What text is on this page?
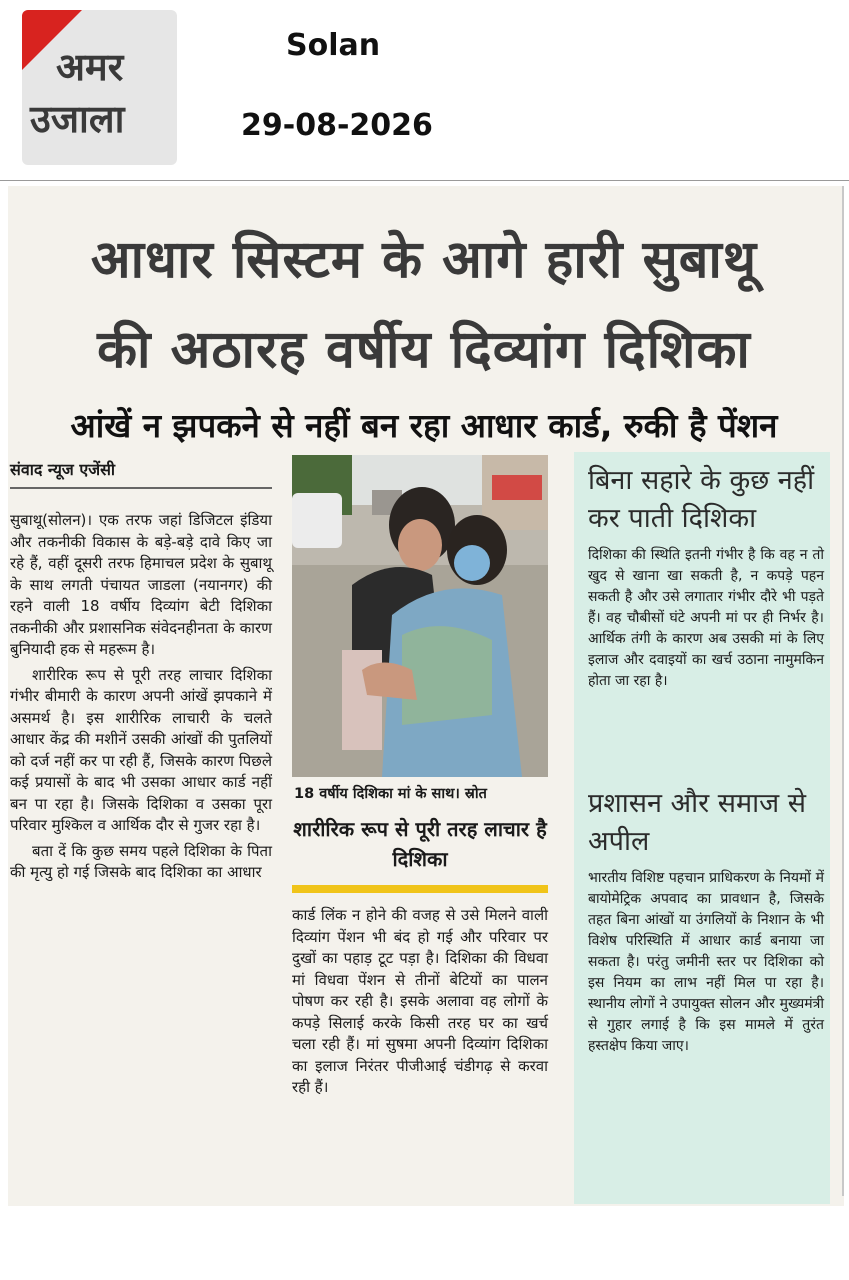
अमर
उजाला
Solan
29-08-2026
आधार सिस्टम के आगे हारी सुबाथू
की अठारह वर्षीय दिव्यांग दिशिका
आंखें न झपकने से नहीं बन रहा आधार कार्ड, रुकी है पेंशन
संवाद न्यूज एजेंसी

सुबाथू(सोलन)। एक तरफ जहां डिजिटल इंडिया और तकनीकी विकास के बड़े-बड़े दावे किए जा रहे हैं, वहीं दूसरी तरफ हिमाचल प्रदेश के सुबाथू के साथ लगती पंचायत जाडला (नयानगर) की रहने वाली 18 वर्षीय दिव्यांग बेटी दिशिका तकनीकी और प्रशासनिक संवेदनहीनता के कारण बुनियादी हक से महरूम है।

शारीरिक रूप से पूरी तरह लाचार दिशिका गंभीर बीमारी के कारण अपनी आंखें झपकाने में असमर्थ है। इस शारीरिक लाचारी के चलते आधार केंद्र की मशीनें उसकी आंखों की पुतलियों को दर्ज नहीं कर पा रही हैं, जिसके कारण पिछले कई प्रयासों के बाद भी उसका आधार कार्ड नहीं बन पा रहा है। जिसके दिशिका व उसका पूरा परिवार मुश्किल व आर्थिक दौर से गुजर रहा है।

बता दें कि कुछ समय पहले दिशिका के पिता की मृत्यु हो गई जिसके बाद दिशिका का आधार

18 वर्षीय दिशिका मां के साथ। स्रोत
शारीरिक रूप से पूरी तरह लाचार है दिशिका

कार्ड लिंक न होने की वजह से उसे मिलने वाली दिव्यांग पेंशन भी बंद हो गई और परिवार पर दुखों का पहाड़ टूट पड़ा है। दिशिका की विधवा मां विधवा पेंशन से तीनों बेटियों का पालन पोषण कर रही है। इसके अलावा वह लोगों के कपड़े सिलाई करके किसी तरह घर का खर्च चला रही हैं। मां सुषमा अपनी दिव्यांग दिशिका का इलाज निरंतर पीजीआई चंडीगढ़ से करवा रही हैं।

बिना सहारे के कुछ नहीं कर पाती दिशिका
दिशिका की स्थिति इतनी गंभीर है कि वह न तो खुद से खाना खा सकती है, न कपड़े पहन सकती है और उसे लगातार गंभीर दौरे भी पड़ते हैं। वह चौबीसों घंटे अपनी मां पर ही निर्भर है। आर्थिक तंगी के कारण अब उसकी मां के लिए इलाज और दवाइयों का खर्च उठाना नामुमकिन होता जा रहा है।
प्रशासन और समाज से अपील
भारतीय विशिष्ट पहचान प्राधिकरण के नियमों में बायोमेट्रिक अपवाद का प्रावधान है, जिसके तहत बिना आंखों या उंगलियों के निशान के भी विशेष परिस्थिति में आधार कार्ड बनाया जा सकता है। परंतु जमीनी स्तर पर दिशिका को इस नियम का लाभ नहीं मिल पा रहा है। स्थानीय लोगों ने उपायुक्त सोलन और मुख्यमंत्री से गुहार लगाई है कि इस मामले में तुरंत हस्तक्षेप किया जाए।
